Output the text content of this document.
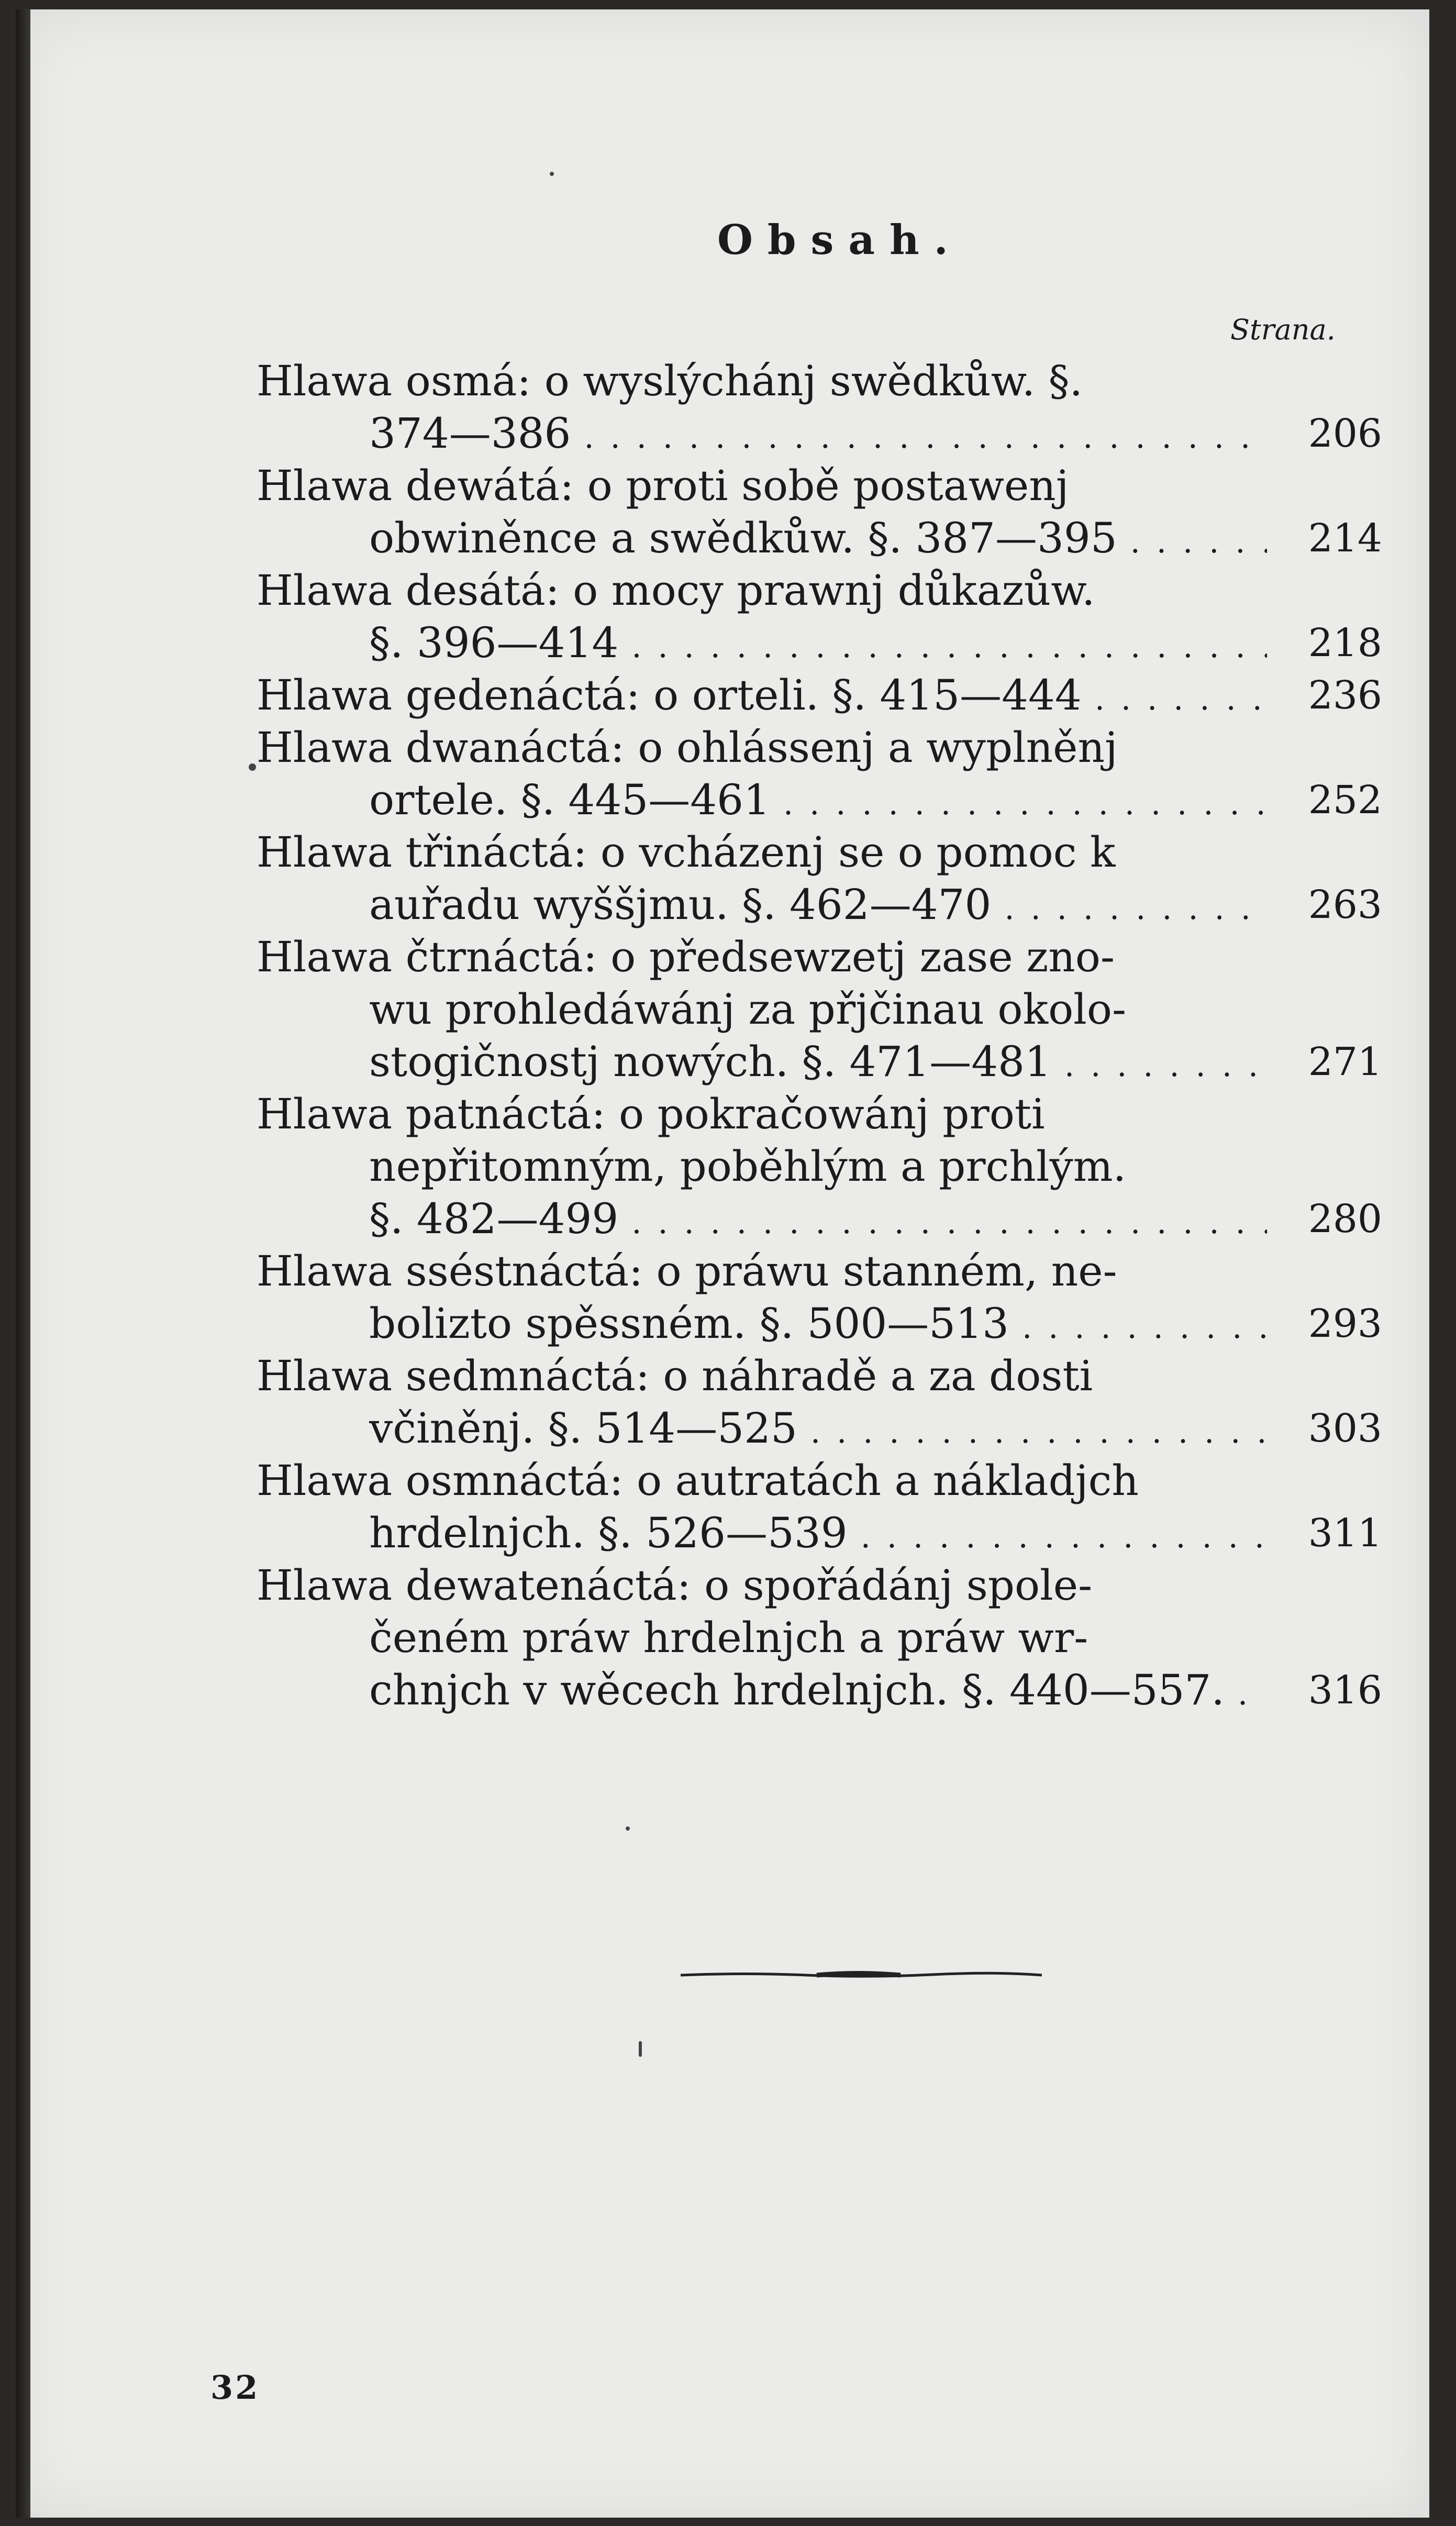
Obsah.
Strana.
Hlawa osmá: o wyslýchánj swědkůw. §.
374—386 . . .	206
Hlawa dewátá: o proti sobě postawenj
obwiněnce a swědkůw. §. 387—395 . . .	214
Hlawa desátá: o mocy prawnj důkazůw.
§. 396—414 . . .	218
Hlawa gedenáctá: o orteli. §. 415—444 . . .	236
Hlawa dwanáctá: o ohlássenj a wyplněnj
ortele. §. 445—461 . . .	252
Hlawa třináctá: o vcházenj se o pomoc k
auřadu wyššjmu. §. 462—470 . . .	263
Hlawa čtrnáctá: o předsewzetj zase zno-
wu prohledáwánj za přjčinau okolo-
stogičnostj nowých. §. 471—481 . . .	271
Hlawa patnáctá: o pokračowánj proti
nepřitomným, poběhlým a prchlým.
§. 482—499 . . .	280
Hlawa sséstnáctá: o práwu stanném, ne-
bolizto spěssném. §. 500—513 . . .	293
Hlawa sedmnáctá: o náhradě a za dosti
včiněnj. §. 514—525 . . .	303
Hlawa osmnáctá: o autratách a nákladjch
hrdelnjch. §. 526—539 . . .	311
Hlawa dewatenáctá: o spořádánj spole-
čeném práw hrdelnjch a práw wr-
chnjch v wěcech hrdelnjch. §. 440—557. . . .	316
32
